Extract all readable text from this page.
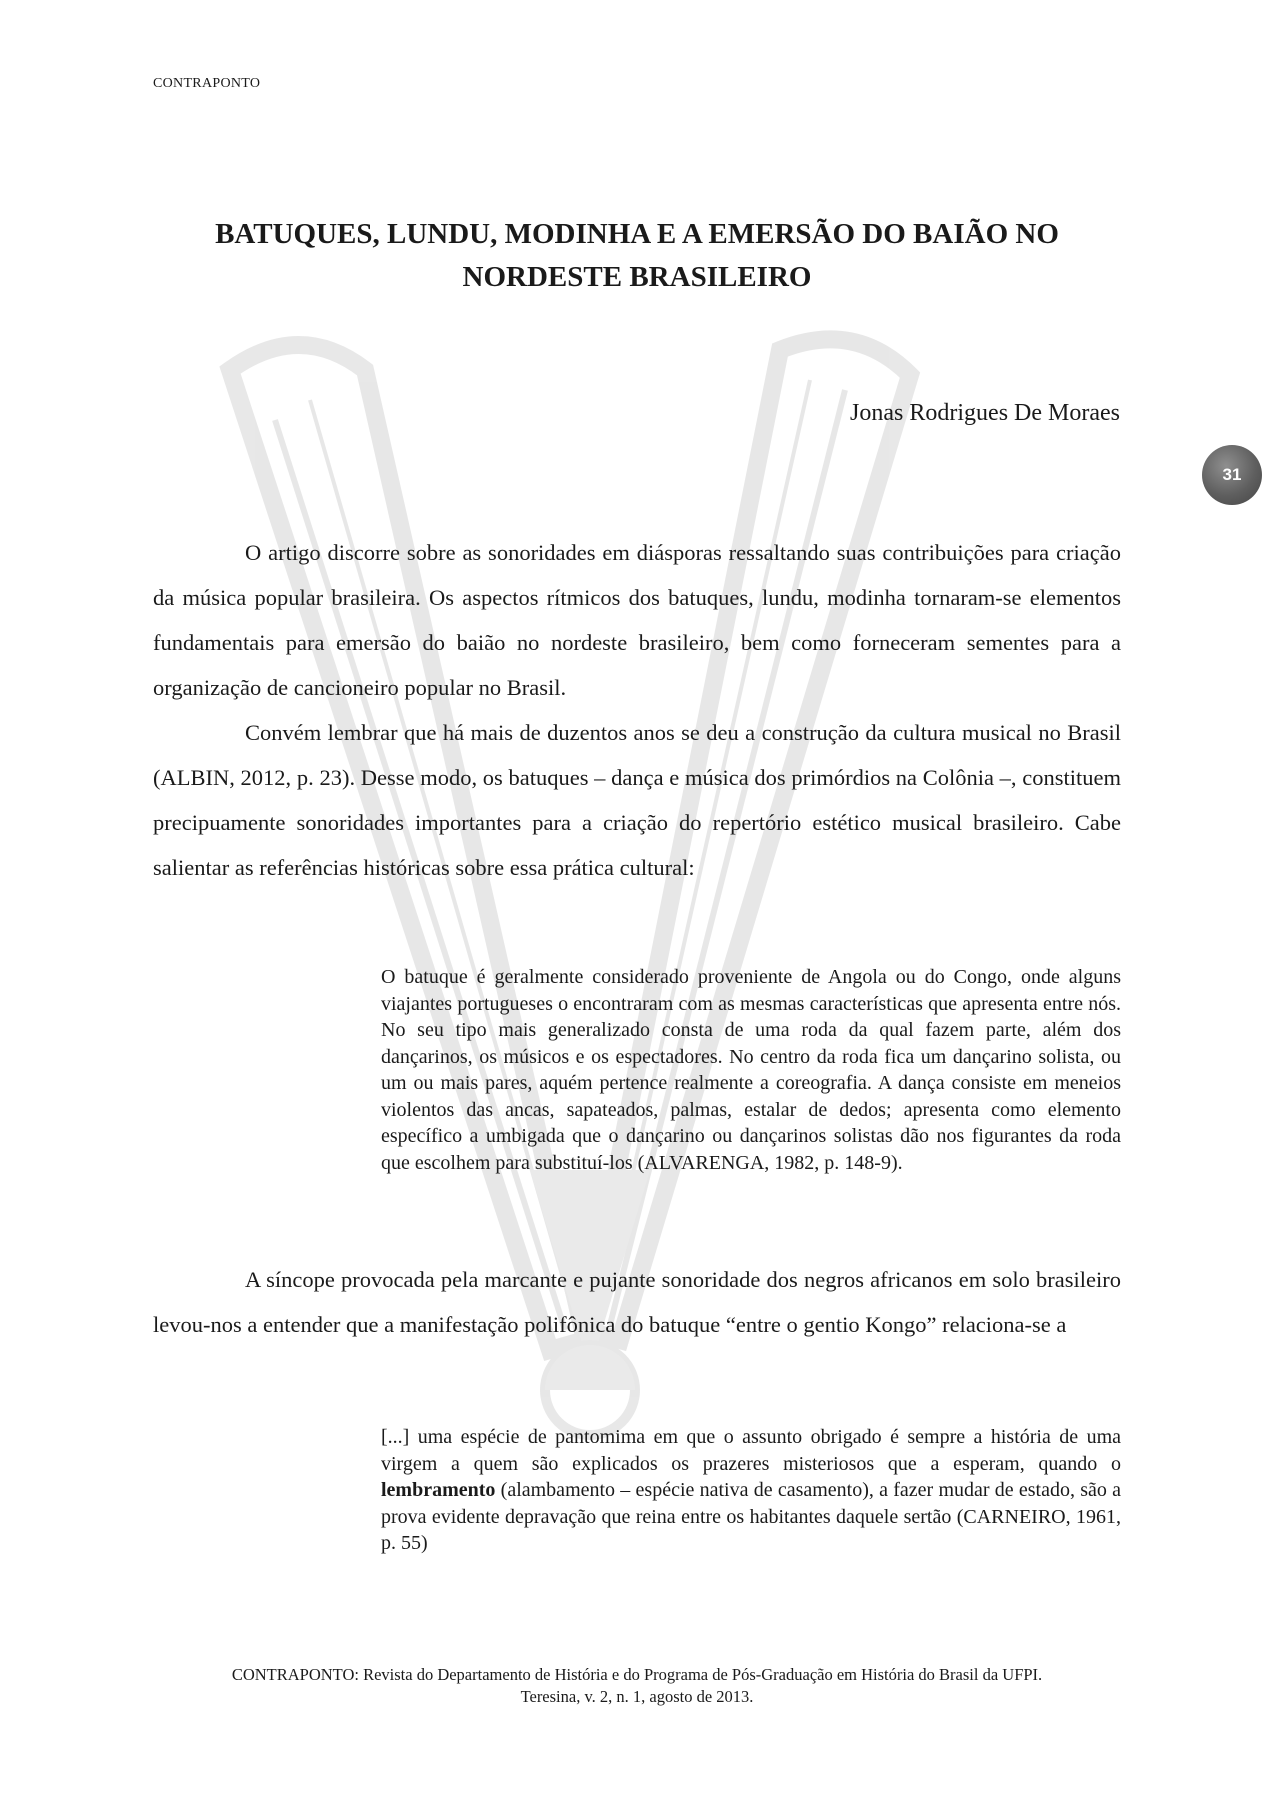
CONTRAPONTO
BATUQUES, LUNDU, MODINHA E A EMERSÃO DO BAIÃO NO
NORDESTE BRASILEIRO
Jonas Rodrigues De Moraes
31

O artigo discorre sobre as sonoridades em diásporas ressaltando suas contribuições para criação da música popular brasileira. Os aspectos rítmicos dos batuques, lundu, modinha tornaram-se elementos fundamentais para emersão do baião no nordeste brasileiro, bem como forneceram sementes para a organização de cancioneiro popular no Brasil.

Convém lembrar que há mais de duzentos anos se deu a construção da cultura musical no Brasil (ALBIN, 2012, p. 23). Desse modo, os batuques – dança e música dos primórdios na Colônia –, constituem precipuamente sonoridades importantes para a criação do repertório estético musical brasileiro. Cabe salientar as referências históricas sobre essa prática cultural:

O batuque é geralmente considerado proveniente de Angola ou do Congo, onde alguns viajantes portugueses o encontraram com as mesmas características que apresenta entre nós. No seu tipo mais generalizado consta de uma roda da qual fazem parte, além dos dançarinos, os músicos e os espectadores. No centro da roda fica um dançarino solista, ou um ou mais pares, aquém pertence realmente a coreografia. A dança consiste em meneios violentos das ancas, sapateados, palmas, estalar de dedos; apresenta como elemento específico a umbigada que o dançarino ou dançarinos solistas dão nos figurantes da roda que escolhem para substituí-los (ALVARENGA, 1982, p. 148-9).

A síncope provocada pela marcante e pujante sonoridade dos negros africanos em solo brasileiro levou-nos a entender que a manifestação polifônica do batuque “entre o gentio Kongo” relaciona-se a

[...] uma espécie de pantomima em que o assunto obrigado é sempre a história de uma virgem a quem são explicados os prazeres misteriosos que a esperam, quando o lembramento (alambamento – espécie nativa de casamento), a fazer mudar de estado, são a prova evidente depravação que reina entre os habitantes daquele sertão (CARNEIRO, 1961, p. 55)

CONTRAPONTO: Revista do Departamento de História e do Programa de Pós-Graduação em História do Brasil da UFPI.
Teresina, v. 2, n. 1, agosto de 2013.
